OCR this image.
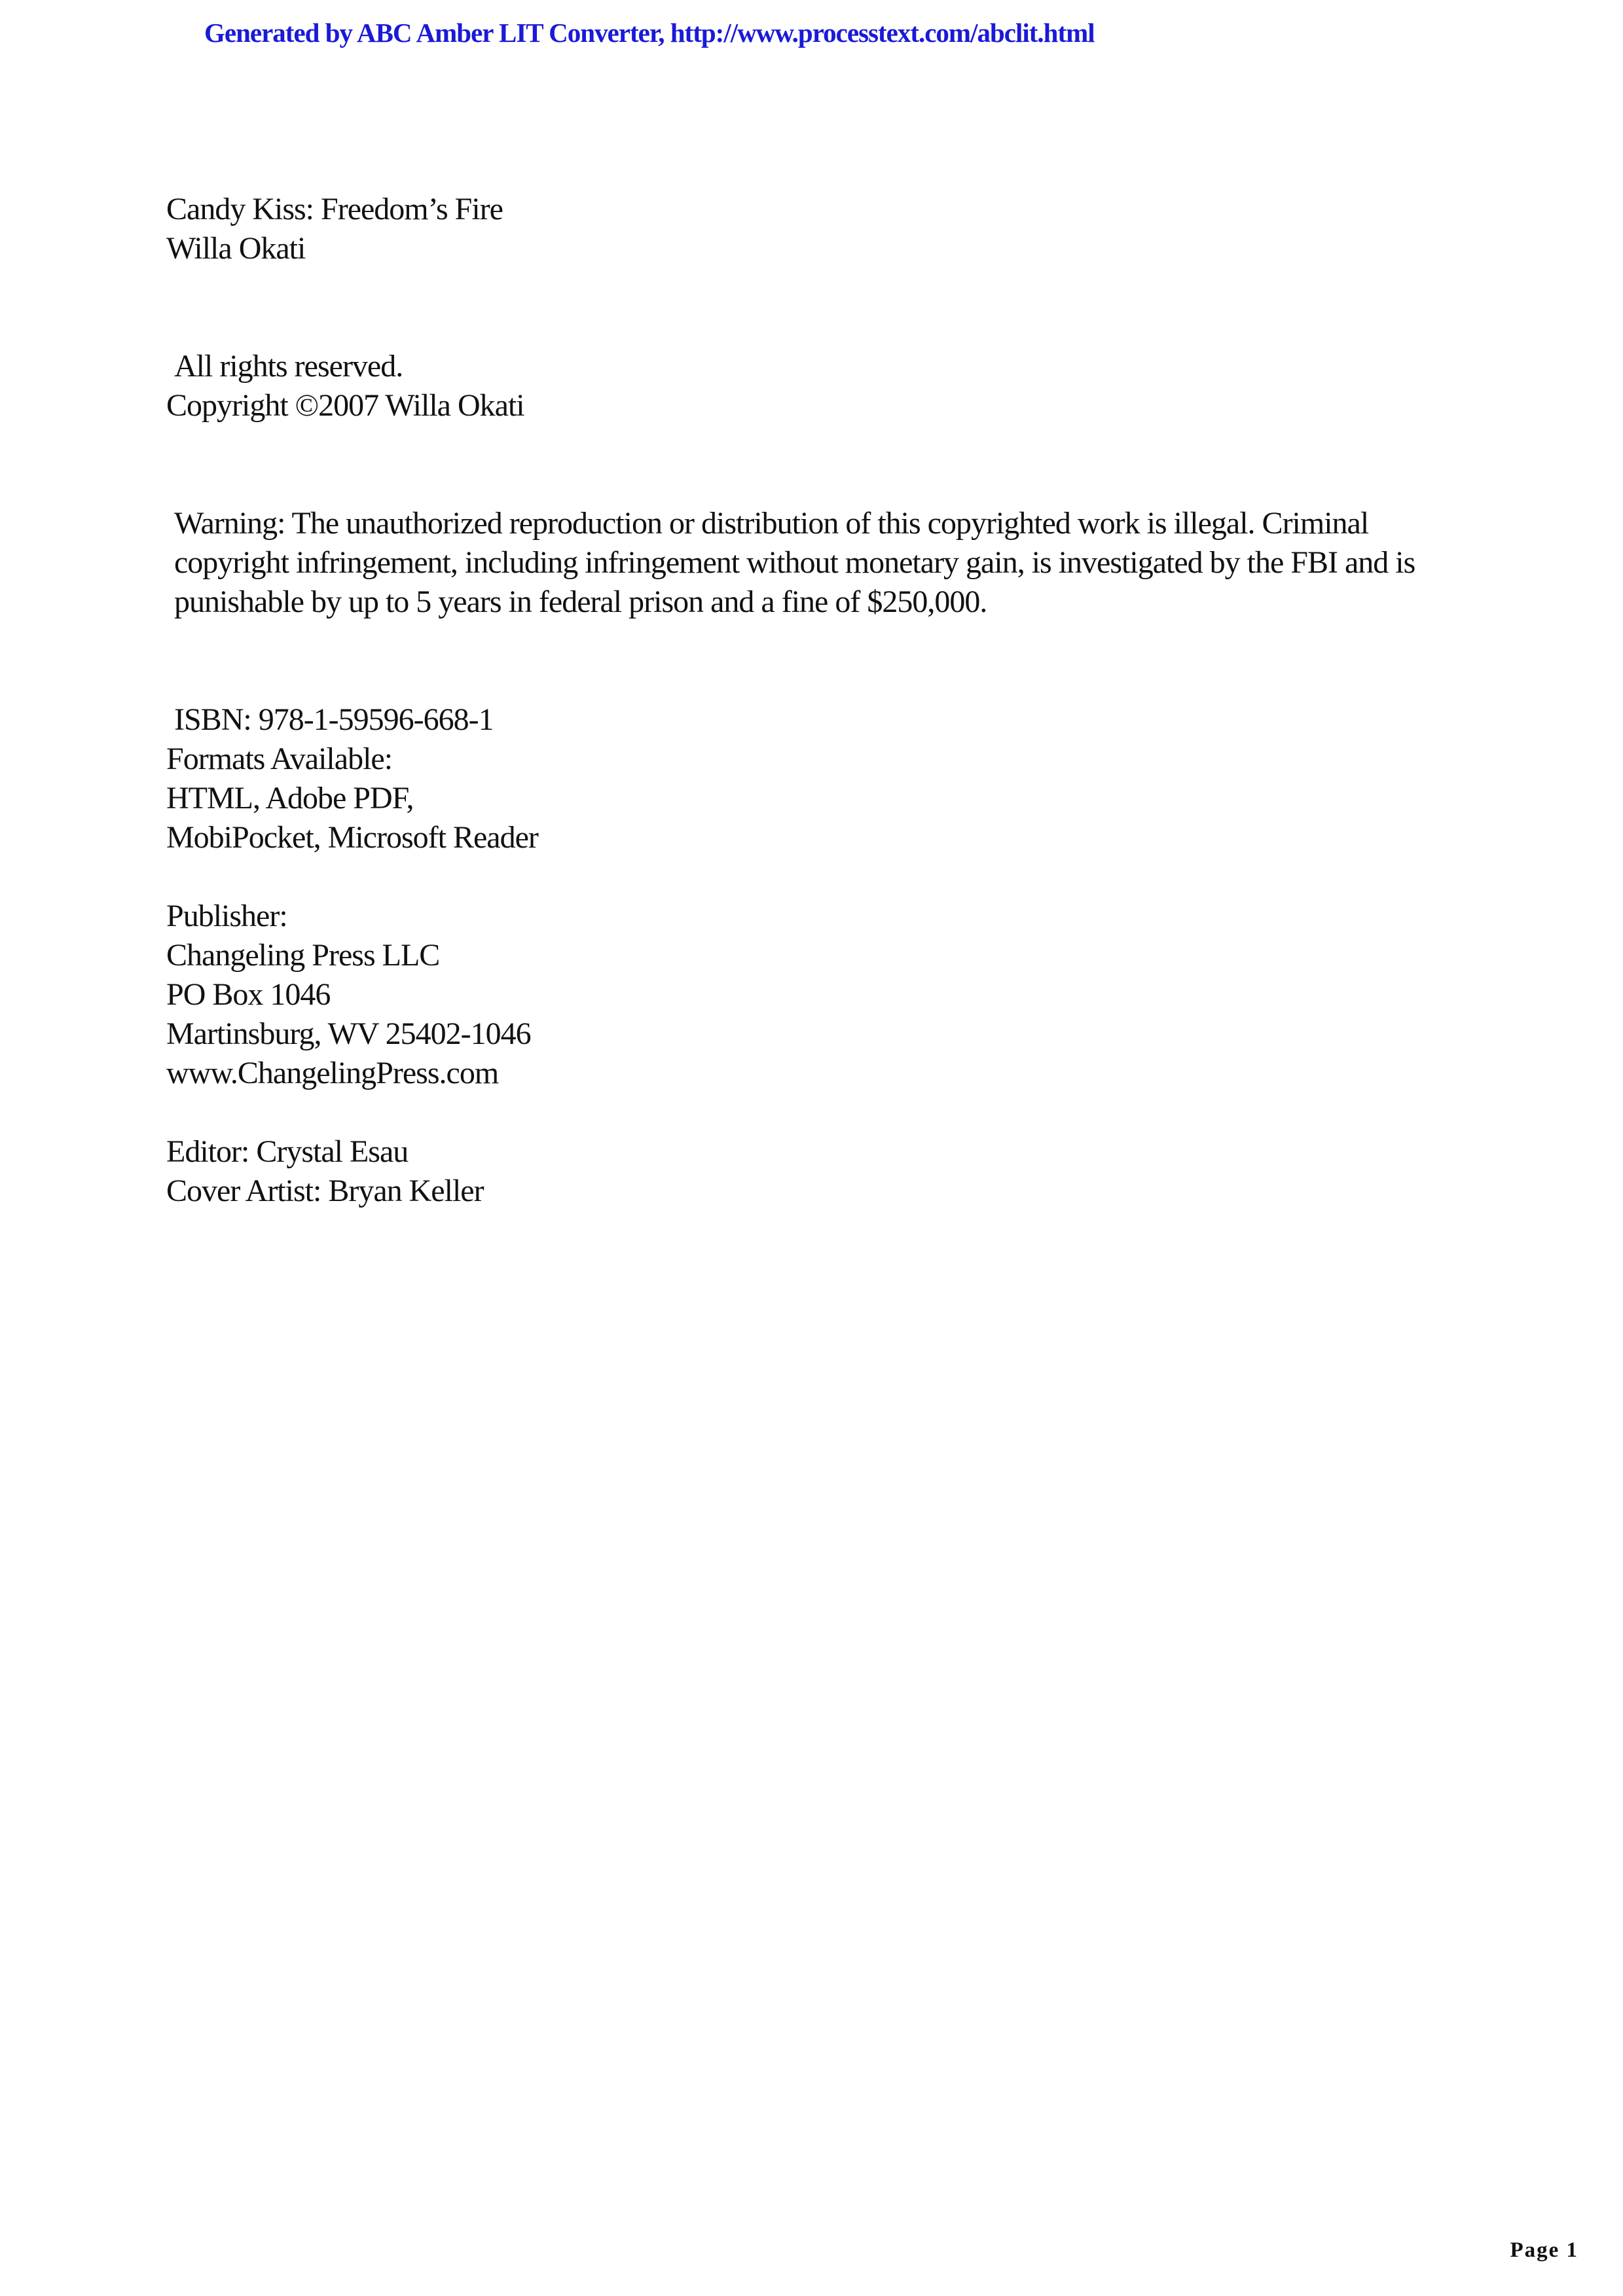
Generated by ABC Amber LIT Converter, http://www.processtext.com/abclit.html
Candy Kiss: Freedom’s Fire
Willa Okati
All rights reserved.
Copyright ©2007 Willa Okati
Warning: The unauthorized reproduction or distribution of this copyrighted work is illegal. Criminal copyright infringement, including infringement without monetary gain, is investigated by the FBI and is punishable by up to 5 years in federal prison and a fine of $250,000.
ISBN: 978-1-59596-668-1
Formats Available:
HTML, Adobe PDF,
MobiPocket, Microsoft Reader
Publisher:
Changeling Press LLC
PO Box 1046
Martinsburg, WV 25402-1046
www.ChangelingPress.com
Editor: Crystal Esau
Cover Artist: Bryan Keller
Page 1
